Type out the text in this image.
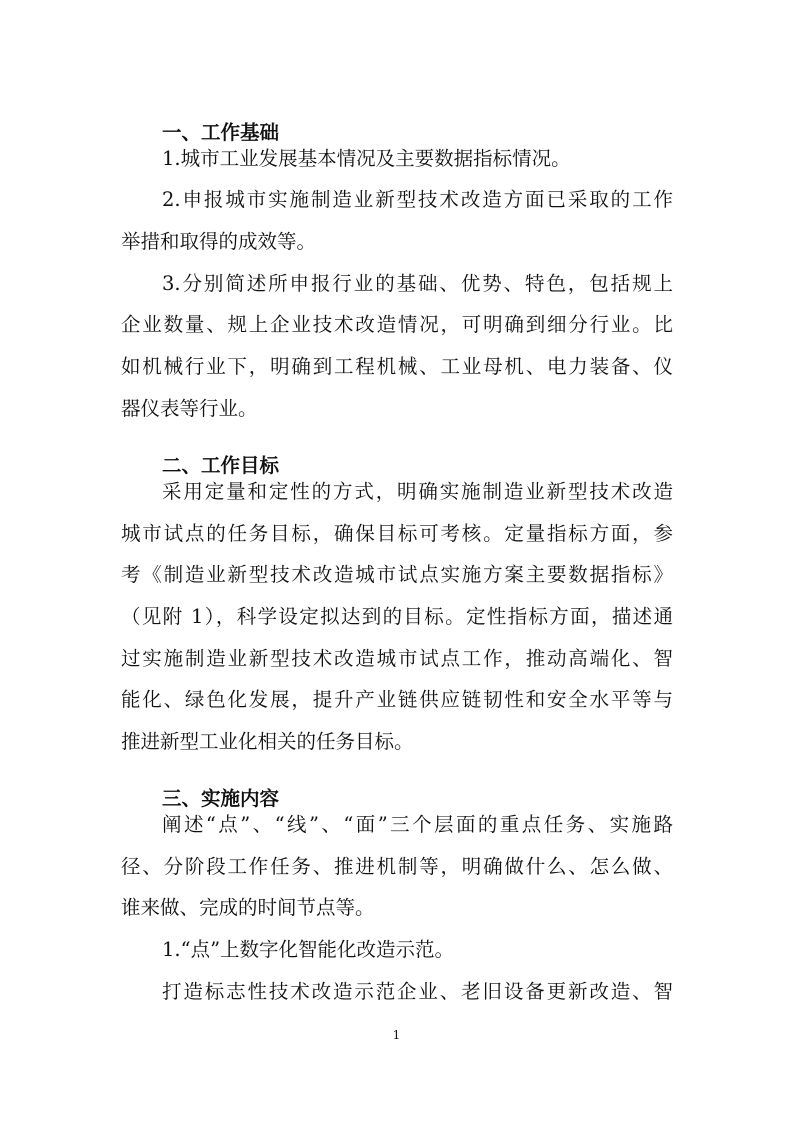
一、工作基础
1.城市工业发展基本情况及主要数据指标情况。
2.申报城市实施制造业新型技术改造方面已采取的工作
举措和取得的成效等。
3.分别简述所申报行业的基础、优势、特色，包括规上
企业数量、规上企业技术改造情况，可明确到细分行业。比
如机械行业下，明确到工程机械、工业母机、电力装备、仪
器仪表等行业。
二、工作目标
采用定量和定性的方式，明确实施制造业新型技术改造
城市试点的任务目标，确保目标可考核。定量指标方面，参
考《制造业新型技术改造城市试点实施方案主要数据指标》
（见附 1），科学设定拟达到的目标。定性指标方面，描述通
过实施制造业新型技术改造城市试点工作，推动高端化、智
能化、绿色化发展，提升产业链供应链韧性和安全水平等与
推进新型工业化相关的任务目标。
三、实施内容
阐述“点”、“线”、“面”三个层面的重点任务、实施路
径、分阶段工作任务、推进机制等，明确做什么、怎么做、
谁来做、完成的时间节点等。
1.“点”上数字化智能化改造示范。
打造标志性技术改造示范企业、老旧设备更新改造、智
1
